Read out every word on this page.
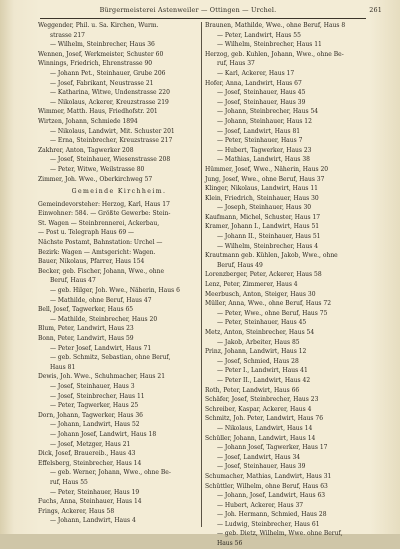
Bürgermeisterei Astenweiler — Ottingen — Urchel.	261
Weggender, Phil. u. Sa. Kirchen, Wurm.
strasse 217
— Wilhelm, Steinbrecher, Haus 36
Wennen, Josef, Werkmeister, Schuster 60
Winnings, Friedrich, Ehrenstrasse 90
— Johann Pet., Steinhauer, Grube 206
— Josef, Fabrikant, Neustrasse 21
— Katharina, Witwe, Undenstrasse 220
— Nikolaus, Ackerer, Kreuzstrasse 219
Wimmer, Matth. Haus, Friedhofstr. 201
Wirtzen, Johann, Schmiede 1894
— Nikolaus, Landwirt, Mit. Schuster 201
— Erna, Steinbrecher, Kreuzstrasse 217
Zakhrer, Anton, Tagwerker 208
— Josef, Steinhauer, Wiesenstrasse 208
— Peter, Witwe, Weilstrasse 80
Zimmer, Joh. Wwe., Oberkirchweg 57
Gemeinde Kirchheim.
Gemeindevorsteher: Herzog, Karl, Haus 17
Einwohner: 584. — Größte Gewerbe: Stein-
St. Wagen — Steinbrennerei, Ackerbau,
— Post u. Telegraph Haus 69 —
Nächste Postamt, Bahnstation: Urchel —
Bezirk: Wagen — Amtsgericht: Wagen.
Bauer, Nikolaus, Pfarrer, Haus 154
Becker, geb. Fischer, Johann, Wwe., ohne
Beruf, Haus 47
— geb. Hilger, Joh. Wwe., Näherin, Haus 6
— Mathilde, ohne Beruf, Haus 47
Bell, Josef, Tagwerker, Haus 65
— Mathilde, Steinbrecher, Haus 20
Blum, Peter, Landwirt, Haus 23
Bonn, Peter, Landwirt, Haus 59
— Peter Josef, Landwirt, Haus 71
— geb. Schmitz, Sebastian, ohne Beruf,
Haus 81
Dewis, Joh. Wwe., Schuhmacher, Haus 21
— Josef, Steinhauer, Haus 3
— Josef, Steinbrecher, Haus 11
— Peter, Tagwerker, Haus 25
Dorn, Johann, Tagwerker, Haus 36
— Johann, Landwirt, Haus 52
— Johann Josef, Landwirt, Haus 18
— Josef, Metzger, Haus 21
Dick, Josef, Brauereib., Haus 43
Effelsberg, Steinbrecher, Haus 14
— geb. Werner, Johann, Wwe., ohne Be-
ruf, Haus 55
— Peter, Steinhauer, Haus 19
Fuchs, Anna, Steinhauer, Haus 14
Frings, Ackerer, Haus 58
— Johann, Landwirt, Haus 4
Braunen, Mathilde, Wwe., ohne Beruf, Haus 8
— Peter, Landwirt, Haus 55
— Wilhelm, Steinbrecher, Haus 11
Herzog, geb. Kuhlen, Johann, Wwe., ohne Be-
ruf, Haus 37
— Karl, Ackerer, Haus 17
Hofer, Anna, Landwirt, Haus 67
— Josef, Steinhauer, Haus 45
— Josef, Steinhauer, Haus 39
— Johann, Steinbrecher, Haus 54
— Johann, Steinhauer, Haus 12
— Josef, Landwirt, Haus 81
— Peter, Steinhauer, Haus 7
— Hubert, Tagwerker, Haus 23
— Mathias, Landwirt, Haus 38
Hümmer, Josef, Wwe., Näherin, Haus 20
Jung, Josef, Wwe., ohne Beruf, Haus 37
Klinger, Nikolaus, Landwirt, Haus 11
Klein, Friedrich, Steinhauer, Haus 30
— Joseph, Steinhauer, Haus 30
Kaufmann, Michel, Schuster, Haus 17
Kramer, Johann I., Landwirt, Haus 51
— Johann II., Steinhauer, Haus 51
— Wilhelm, Steinbrecher, Haus 4
Krautmann geb. Kühlen, Jakob, Wwe., ohne
Beruf, Haus 49
Lorenzberger, Peter, Ackerer, Haus 58
Lenz, Peter, Zimmerer, Haus 4
Meerbusch, Anton, Steiger, Haus 30
Müller, Anna, Wwe., ohne Beruf, Haus 72
— Peter, Wwe., ohne Beruf, Haus 75
— Peter, Steinhauer, Haus 45
Metz, Anton, Steinbrecher, Haus 54
— Jakob, Arbeiter, Haus 85
Prinz, Johann, Landwirt, Haus 12
— Josef, Schmied, Haus 28
— Peter I., Landwirt, Haus 41
— Peter II., Landwirt, Haus 42
Roth, Peter, Landwirt, Haus 66
Schäfer, Josef, Steinbrecher, Haus 23
Schreiber, Kaspar, Ackerer, Haus 4
Schmitz, Joh. Peter, Landwirt, Haus 76
— Nikolaus, Landwirt, Haus 14
Schüller, Johann, Landwirt, Haus 14
— Johann Josef, Tagwerker, Haus 17
— Josef, Landwirt, Haus 34
— Josef, Steinhauer, Haus 39
Schumacher, Mathias, Landwirt, Haus 31
Schüttler, Wilhelm, ohne Beruf, Haus 63
— Johann, Josef, Landwirt, Haus 63
— Hubert, Ackerer, Haus 37
— Joh. Hermann, Schmied, Haus 28
— Ludwig, Steinbrecher, Haus 61
— geb. Dietz, Wilhelm, Wwe. ohne Beruf,
Haus 56
